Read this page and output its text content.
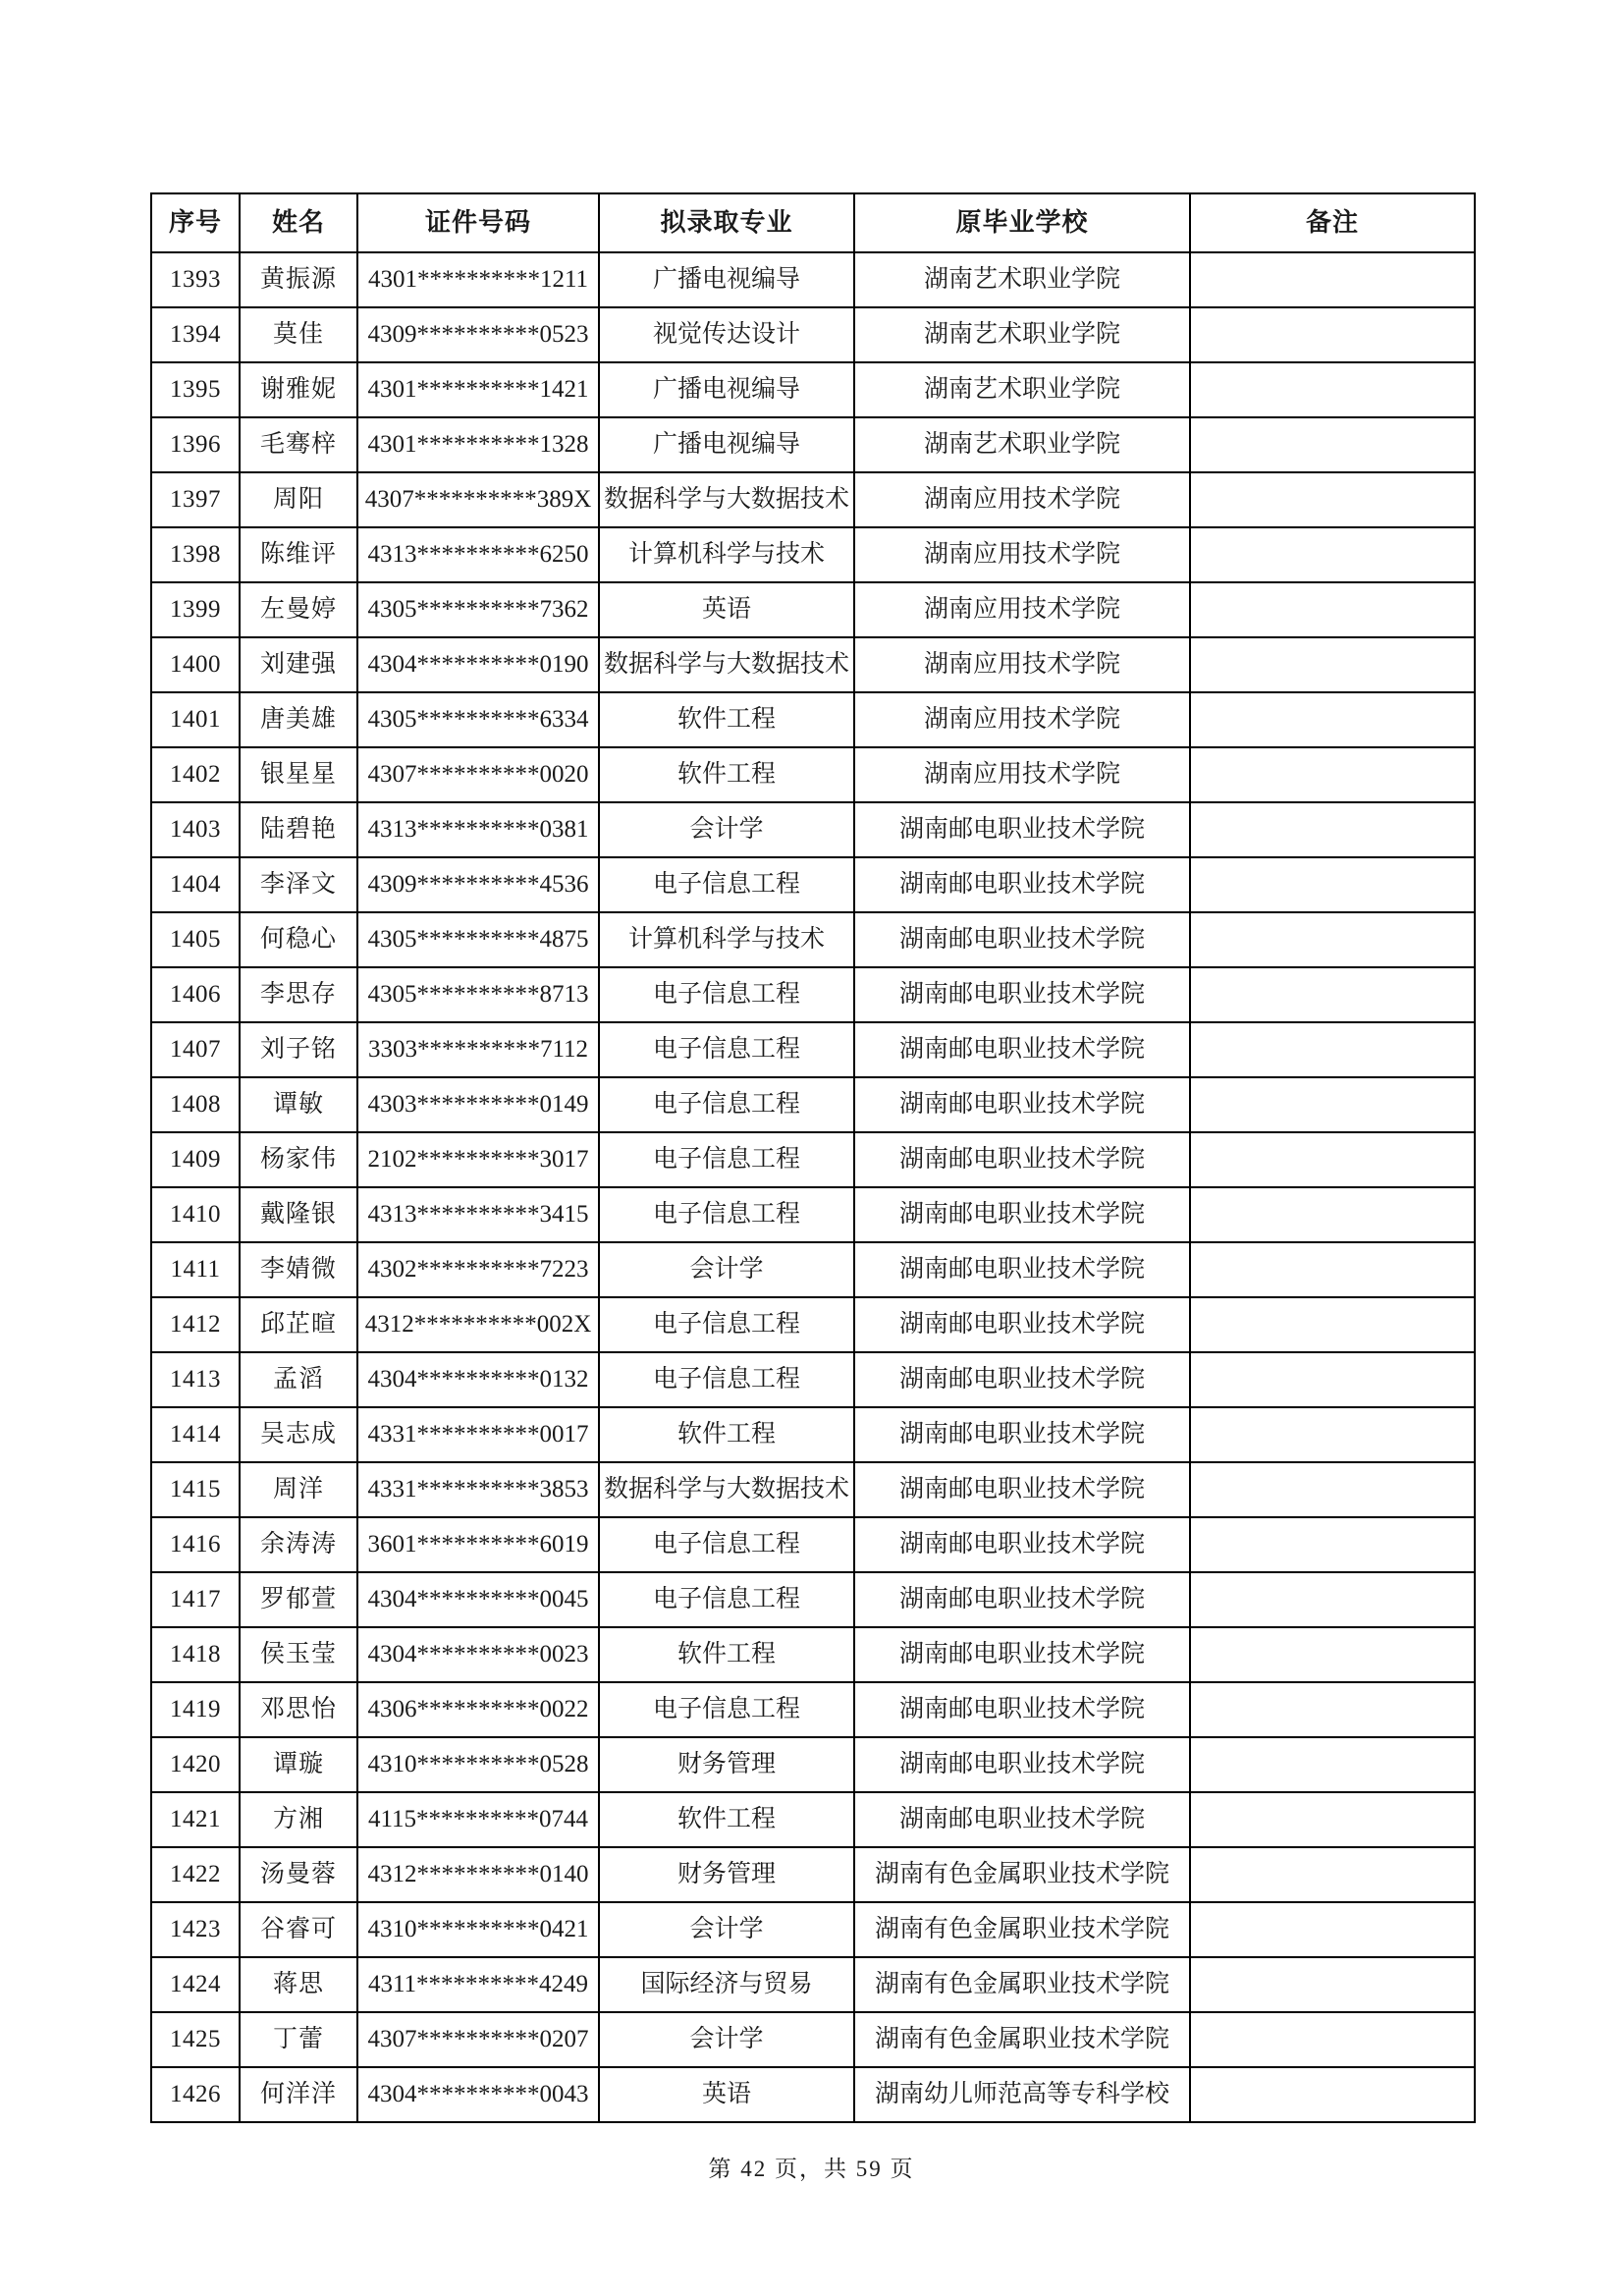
序号	姓名	证件号码	拟录取专业	原毕业学校	备注
1393	黄振源	4301**********1211	广播电视编导	湖南艺术职业学院	
1394	莫佳	4309**********0523	视觉传达设计	湖南艺术职业学院	
1395	谢雅妮	4301**********1421	广播电视编导	湖南艺术职业学院	
1396	毛骞梓	4301**********1328	广播电视编导	湖南艺术职业学院	
1397	周阳	4307**********389X	数据科学与大数据技术	湖南应用技术学院	
1398	陈维评	4313**********6250	计算机科学与技术	湖南应用技术学院	
1399	左曼婷	4305**********7362	英语	湖南应用技术学院	
1400	刘建强	4304**********0190	数据科学与大数据技术	湖南应用技术学院	
1401	唐美雄	4305**********6334	软件工程	湖南应用技术学院	
1402	银星星	4307**********0020	软件工程	湖南应用技术学院	
1403	陆碧艳	4313**********0381	会计学	湖南邮电职业技术学院	
1404	李泽文	4309**********4536	电子信息工程	湖南邮电职业技术学院	
1405	何稳心	4305**********4875	计算机科学与技术	湖南邮电职业技术学院	
1406	李思存	4305**********8713	电子信息工程	湖南邮电职业技术学院	
1407	刘子铭	3303**********7112	电子信息工程	湖南邮电职业技术学院	
1408	谭敏	4303**********0149	电子信息工程	湖南邮电职业技术学院	
1409	杨家伟	2102**********3017	电子信息工程	湖南邮电职业技术学院	
1410	戴隆银	4313**********3415	电子信息工程	湖南邮电职业技术学院	
1411	李婧微	4302**********7223	会计学	湖南邮电职业技术学院	
1412	邱芷暄	4312**********002X	电子信息工程	湖南邮电职业技术学院	
1413	孟滔	4304**********0132	电子信息工程	湖南邮电职业技术学院	
1414	吴志成	4331**********0017	软件工程	湖南邮电职业技术学院	
1415	周洋	4331**********3853	数据科学与大数据技术	湖南邮电职业技术学院	
1416	余涛涛	3601**********6019	电子信息工程	湖南邮电职业技术学院	
1417	罗郁萱	4304**********0045	电子信息工程	湖南邮电职业技术学院	
1418	侯玉莹	4304**********0023	软件工程	湖南邮电职业技术学院	
1419	邓思怡	4306**********0022	电子信息工程	湖南邮电职业技术学院	
1420	谭璇	4310**********0528	财务管理	湖南邮电职业技术学院	
1421	方湘	4115**********0744	软件工程	湖南邮电职业技术学院	
1422	汤曼蓉	4312**********0140	财务管理	湖南有色金属职业技术学院	
1423	谷睿可	4310**********0421	会计学	湖南有色金属职业技术学院	
1424	蒋思	4311**********4249	国际经济与贸易	湖南有色金属职业技术学院	
1425	丁蕾	4307**********0207	会计学	湖南有色金属职业技术学院	
1426	何洋洋	4304**********0043	英语	湖南幼儿师范高等专科学校	
第 42 页，共 59 页
